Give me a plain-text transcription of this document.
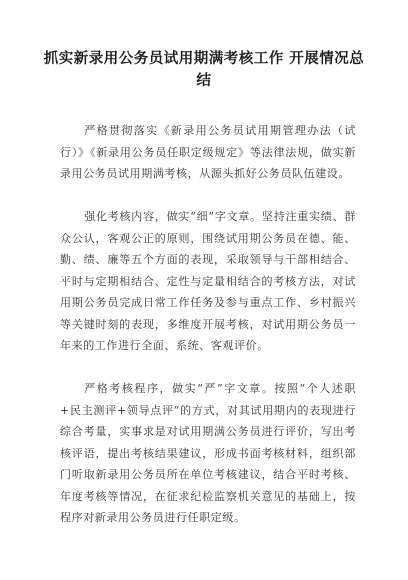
抓实新录用公务员试用期满考核工作 开展情况总结

严格贯彻落实《新录用公务员试用期管理办法（试行）》《新录用公务员任职定级规定》等法律法规，做实新录用公务员试用期满考核，从源头抓好公务员队伍建设。

强化考核内容，做实“细”字文章。坚持注重实绩、群众公认，客观公正的原则，围绕试用期公务员在德、能、勤、绩、廉等五个方面的表现，采取领导与干部相结合、平时与定期相结合、定性与定量相结合的考核方法，对试用期公务员完成日常工作任务及参与重点工作、乡村振兴等关键时刻的表现，多维度开展考核，对试用期公务员一年来的工作进行全面、系统、客观评价。

严格考核程序，做实“严”字文章。按照“个人述职+民主测评+领导点评”的方式，对其试用期内的表现进行综合考量，实事求是对试用期满公务员进行评价，写出考核评语，提出考核结果建议，形成书面考核材料，组织部门听取新录用公务员所在单位考核建议，结合平时考核、年度考核等情况，在征求纪检监察机关意见的基础上，按程序对新录用公务员进行任职定级。
